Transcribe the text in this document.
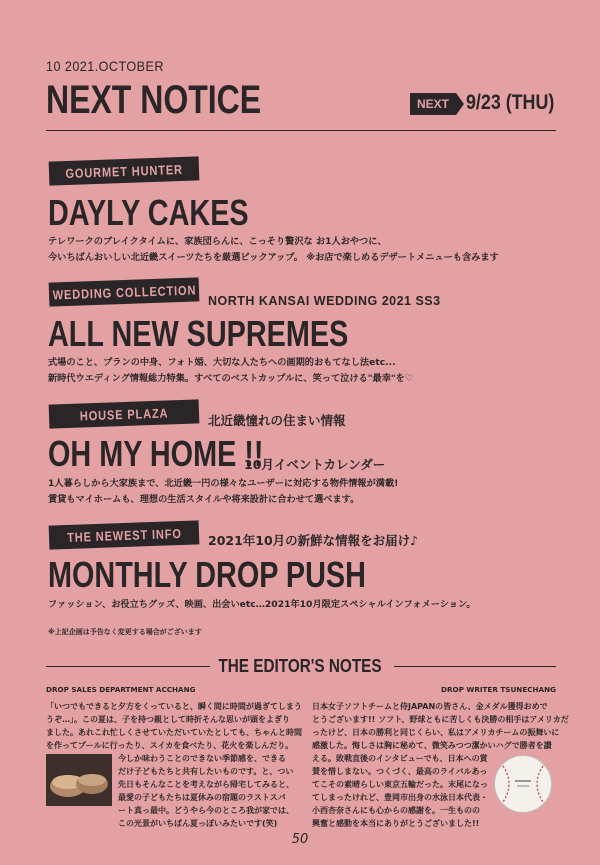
10 2021.OCTOBER
NEXT NOTICE	NEXT 9/23 (THU)
GOURMET HUNTER
DAYLY CAKES
テレワークのブレイクタイムに、家族団らんに、こっそり贅沢な お1人おやつに、
今いちばんおいしい北近畿スイーツたちを厳選ピックアップ。 ※お店で楽しめるデザートメニューも含みます
WEDDING COLLECTION NORTH KANSAI WEDDING 2021 SS3
ALL NEW SUPREMES
式場のこと、プランの中身、フォト婚、大切な人たちへの画期的おもてなし法etc...
新時代ウエディング情報総力特集。すべてのベストカップルに、笑って泣ける"最幸"を♡
HOUSE PLAZA	北近畿憧れの住まい情報
OH MY HOME !!
10月イベントカレンダー
1人暮らしから大家族まで、北近畿一円の様々なユーザーに対応する物件情報が満載!
賃貸もマイホームも、理想の生活スタイルや将来設計に合わせて選べます。
THE NEWEST INFO 2021年10月の新鮮な情報をお届け♪
MONTHLY DROP PUSH
ファッション、お役立ちグッズ、映画、出会いetc…2021年10月限定スペシャルインフォメーション。
※上記企画は予告なく変更する場合がございます
THE EDITOR'S NOTES
DROP SALES DEPARTMENT ACCHANG	DROP WRITER TSUNECHANG
「いつでもできると夕方をくっていると、瞬く間に時間が過ぎてしまう
うぞ…」。この夏は、子を持つ親として時折そんな思いが頭をよぎり
ました。あれこれ忙しくさせていただいていたとしても、ちゃんと時間
を作ってプールに行ったり、スイカを食べたり、花火を楽しんだり。
今しか味わうことのできない季節感を、できる
だけ子どもたちと共有したいものです。と、つい
先日もそんなことを考えながら帰宅してみると、
最愛の子どもたちは夏休みの宿題のラストスパ
ート真っ最中。どうやら今のところ我が家では、
この光景がいちばん夏っぽいみたいです(笑)
日本女子ソフトチームと侍JAPANの皆さん、金メダル獲得おめで
とうございます!! ソフト、野球ともに苦しくも決勝の相手はアメリカだ
ったけど、日本の勝利と同じくらい、私はアメリカチームの振舞いに
感激した。悔しさは胸に秘めて、微笑みつつ潔かいハグで勝者を讃
える。敗戦直後のインタビューでも、日本への賞
賛を惜しまない。つくづく、最高のライバルあっ
てこその素晴らしい東京五輪だった。末尾になっ
てしまったけれど、豊岡市出身の水泳日本代表・
小西杏奈さんにも心からの感謝を。一生ものの
興奮と感動を本当にありがとうございました!!
50
